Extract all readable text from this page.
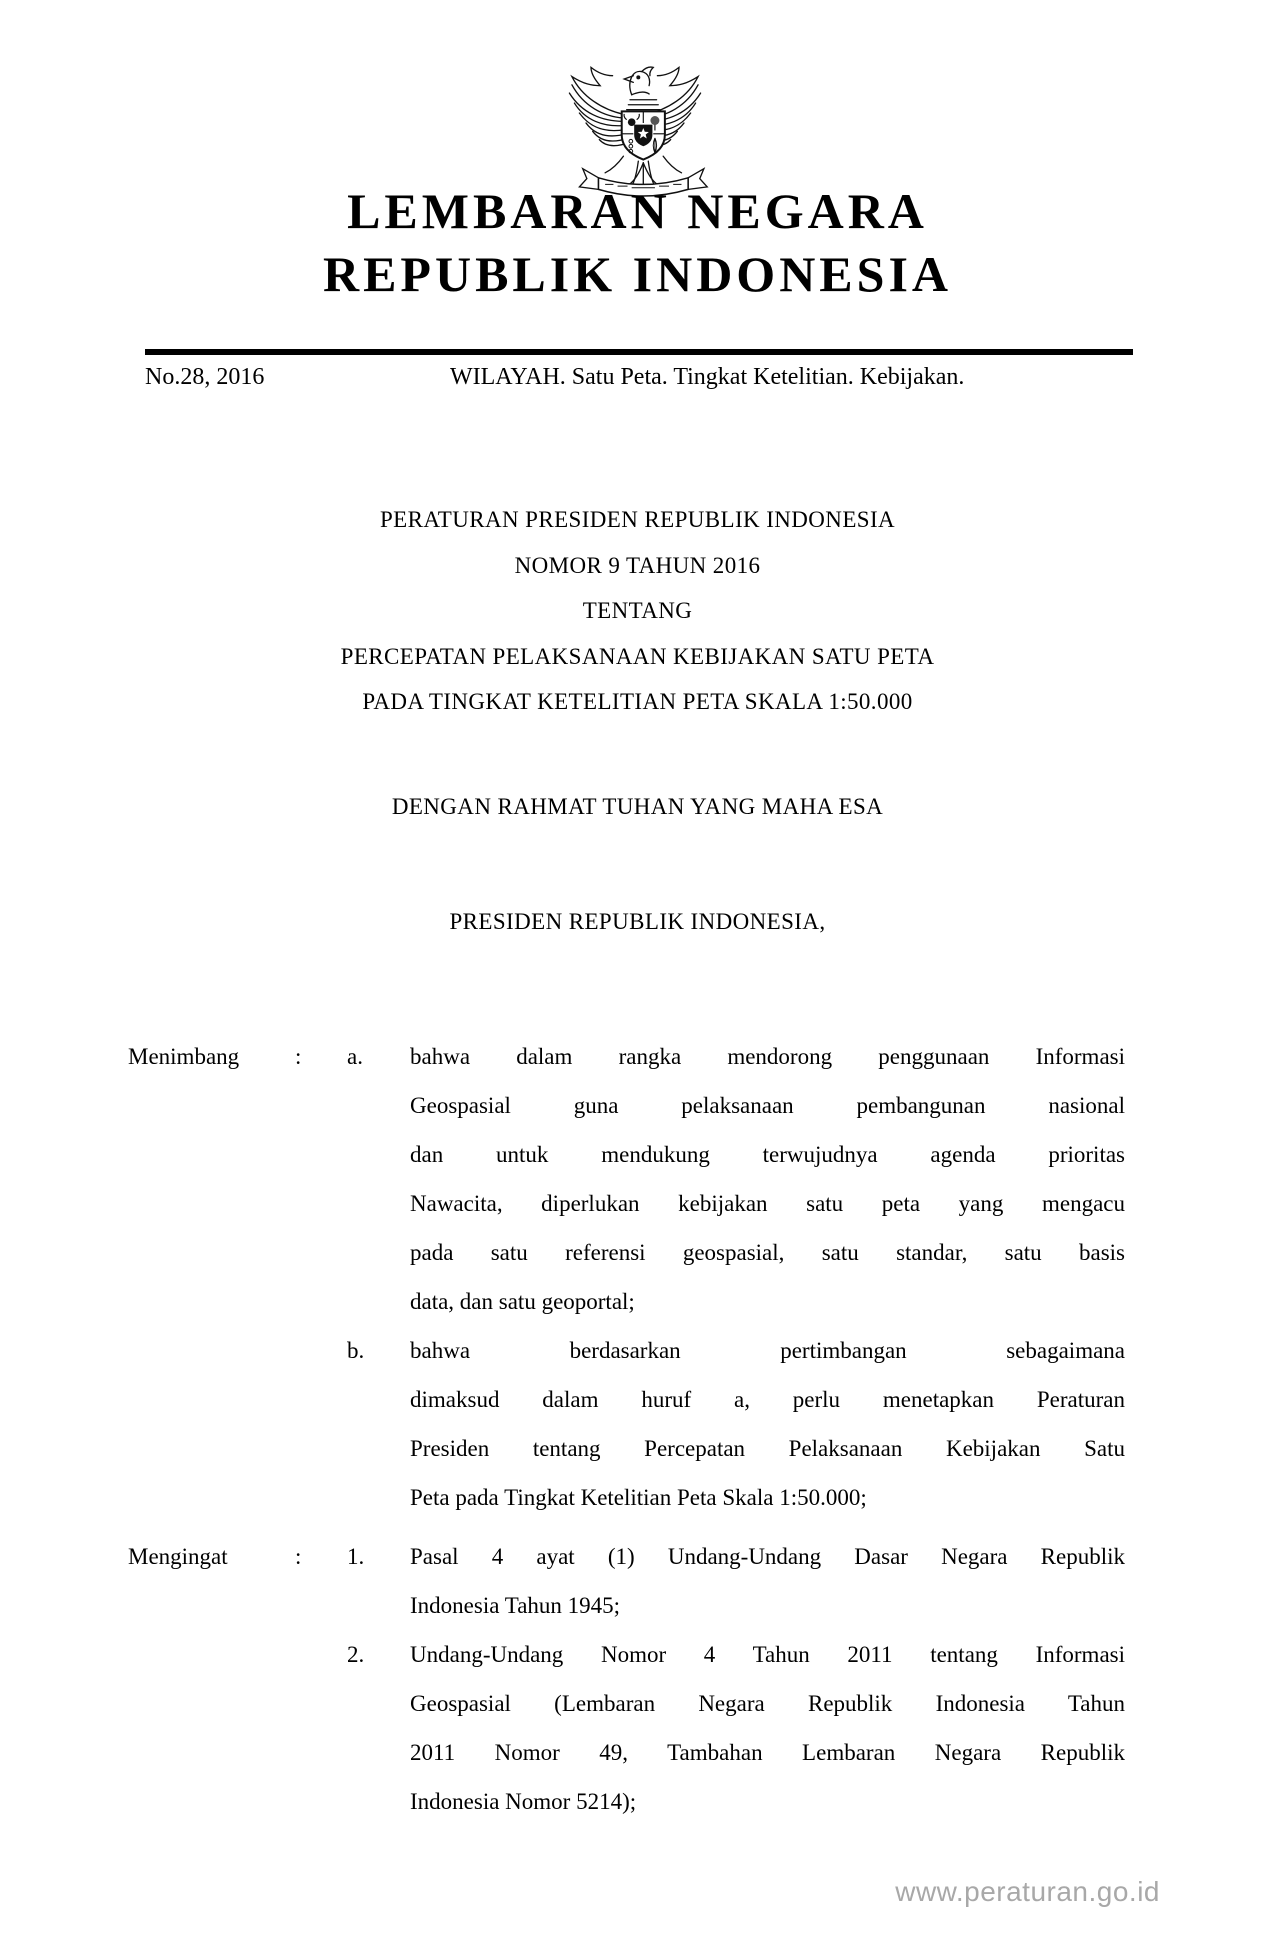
LEMBARAN NEGARA
REPUBLIK INDONESIA
No.28, 2016	WILAYAH. Satu Peta. Tingkat Ketelitian. Kebijakan.
PERATURAN PRESIDEN REPUBLIK INDONESIA
NOMOR 9 TAHUN 2016
TENTANG
PERCEPATAN PELAKSANAAN KEBIJAKAN SATU PETA
PADA TINGKAT KETELITIAN PETA SKALA 1:50.000
DENGAN RAHMAT TUHAN YANG MAHA ESA
PRESIDEN REPUBLIK INDONESIA,
Menimbang	:	a.	bahwa dalam rangka mendorong penggunaan Informasi
Geospasial guna pelaksanaan pembangunan nasional
dan untuk mendukung terwujudnya agenda prioritas
Nawacita, diperlukan kebijakan satu peta yang mengacu
pada satu referensi geospasial, satu standar, satu basis
data, dan satu geoportal;
b.	bahwa berdasarkan pertimbangan sebagaimana
dimaksud dalam huruf a, perlu menetapkan Peraturan
Presiden tentang Percepatan Pelaksanaan Kebijakan Satu
Peta pada Tingkat Ketelitian Peta Skala 1:50.000;
Mengingat	:	1.	Pasal 4 ayat (1) Undang-Undang Dasar Negara Republik
Indonesia Tahun 1945;
2.	Undang-Undang Nomor 4 Tahun 2011 tentang Informasi
Geospasial (Lembaran Negara Republik Indonesia Tahun
2011 Nomor 49, Tambahan Lembaran Negara Republik
Indonesia Nomor 5214);
www.peraturan.go.id
